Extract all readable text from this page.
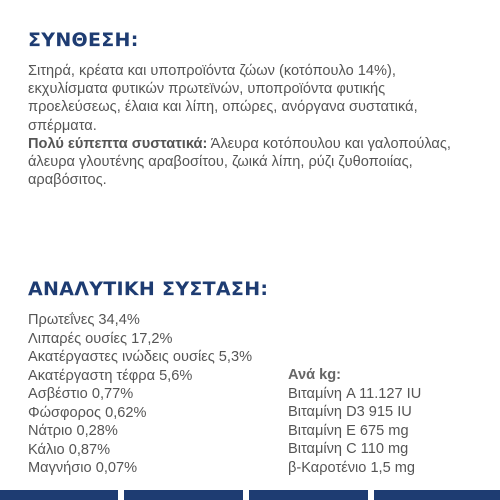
ΣΥΝΘΕΣΗ:

Σιτηρά, κρέατα και υποπροϊόντα ζώων (κοτόπουλο 14%), εκχυλίσματα φυτικών πρωτεϊνών, υποπροϊόντα φυτικής προελεύσεως, έλαια και λίπη, οπώρες, ανόργανα συστατικά, σπέρματα.

Πολύ εύπεπτα συστατικά: Άλευρα κοτόπουλου και γαλοπούλας, άλευρα γλουτένης αραβοσίτου, ζωικά λίπη, ρύζι ζυθοποιίας, αραβόσιτος.

ΑΝΑΛΥΤΙΚΗ ΣΥΣΤΑΣΗ:
Πρωτεΐνες 34,4%
Λιπαρές ουσίες 17,2%
Ακατέργαστες ινώδεις ουσίες 5,3%
Ακατέργαστη τέφρα 5,6%
Ασβέστιο 0,77%
Φώσφορος 0,62%
Νάτριο 0,28%
Κάλιο 0,87%
Μαγνήσιο 0,07%
Ανά kg:
Βιταμίνη A 11.127 IU
Βιταμίνη D3 915 IU
Βιταμίνη E 675 mg
Βιταμίνη C 110 mg
β-Καροτένιο 1,5 mg
